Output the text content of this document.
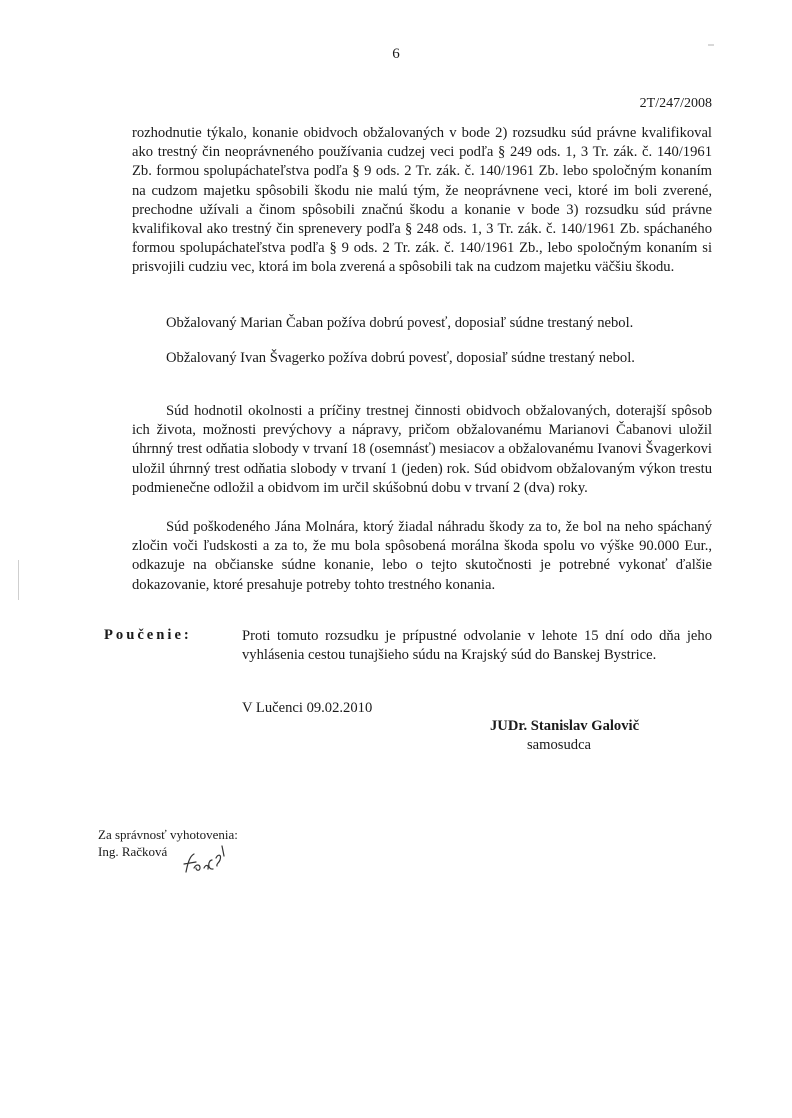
6
2T/247/2008
rozhodnutie týkalo, konanie obidvoch obžalovaných v bode 2) rozsudku súd právne kvalifikoval ako trestný čin neoprávneného používania cudzej veci podľa § 249 ods. 1, 3 Tr. zák. č. 140/1961 Zb. formou spolupáchateľstva podľa § 9 ods. 2 Tr. zák. č. 140/1961 Zb. lebo spoločným konaním na cudzom majetku spôsobili škodu nie malú tým, že neoprávnene veci, ktoré im boli zverené, prechodne užívali a činom spôsobili značnú škodu a konanie v bode 3) rozsudku súd právne kvalifikoval ako trestný čin sprenevery podľa § 248 ods. 1, 3 Tr. zák. č. 140/1961 Zb. spáchaného formou spolupáchateľstva podľa § 9 ods. 2 Tr. zák. č. 140/1961 Zb., lebo spoločným konaním si prisvojili cudziu vec, ktorá im bola zverená a spôsobili tak na cudzom majetku väčšiu škodu.
Obžalovaný Marian Čaban požíva dobrú povesť, doposiaľ súdne trestaný nebol.
Obžalovaný Ivan Švagerko požíva dobrú povesť, doposiaľ súdne trestaný nebol.
Súd hodnotil okolnosti a príčiny trestnej činnosti obidvoch obžalovaných, doterajší spôsob ich života, možnosti prevýchovy a nápravy, pričom obžalovanému Marianovi Čabanovi uložil úhrnný trest odňatia slobody v trvaní 18 (osemnásť) mesiacov a obžalovanému Ivanovi Švagerkovi uložil úhrnný trest odňatia slobody v trvaní 1 (jeden) rok. Súd obidvom obžalovaným výkon trestu podmienečne odložil a obidvom im určil skúšobnú dobu v trvaní 2 (dva) roky.
Súd poškodeného Jána Molnára, ktorý žiadal náhradu škody za to, že bol na neho spáchaný zločin voči ľudskosti a za to, že mu bola spôsobená morálna škoda spolu vo výške 90.000 Eur., odkazuje na občianske súdne konanie, lebo o tejto skutočnosti je potrebné vykonať ďalšie dokazovanie, ktoré presahuje potreby tohto trestného konania.
Poučenie:	Proti tomuto rozsudku je prípustné odvolanie v lehote 15 dní odo dňa jeho vyhlásenia cestou tunajšieho súdu na Krajský súd do Banskej Bystrice.
V Lučenci 09.02.2010
JUDr. Stanislav Galovič
samosudca
Za správnosť vyhotovenia:
Ing. Račková
